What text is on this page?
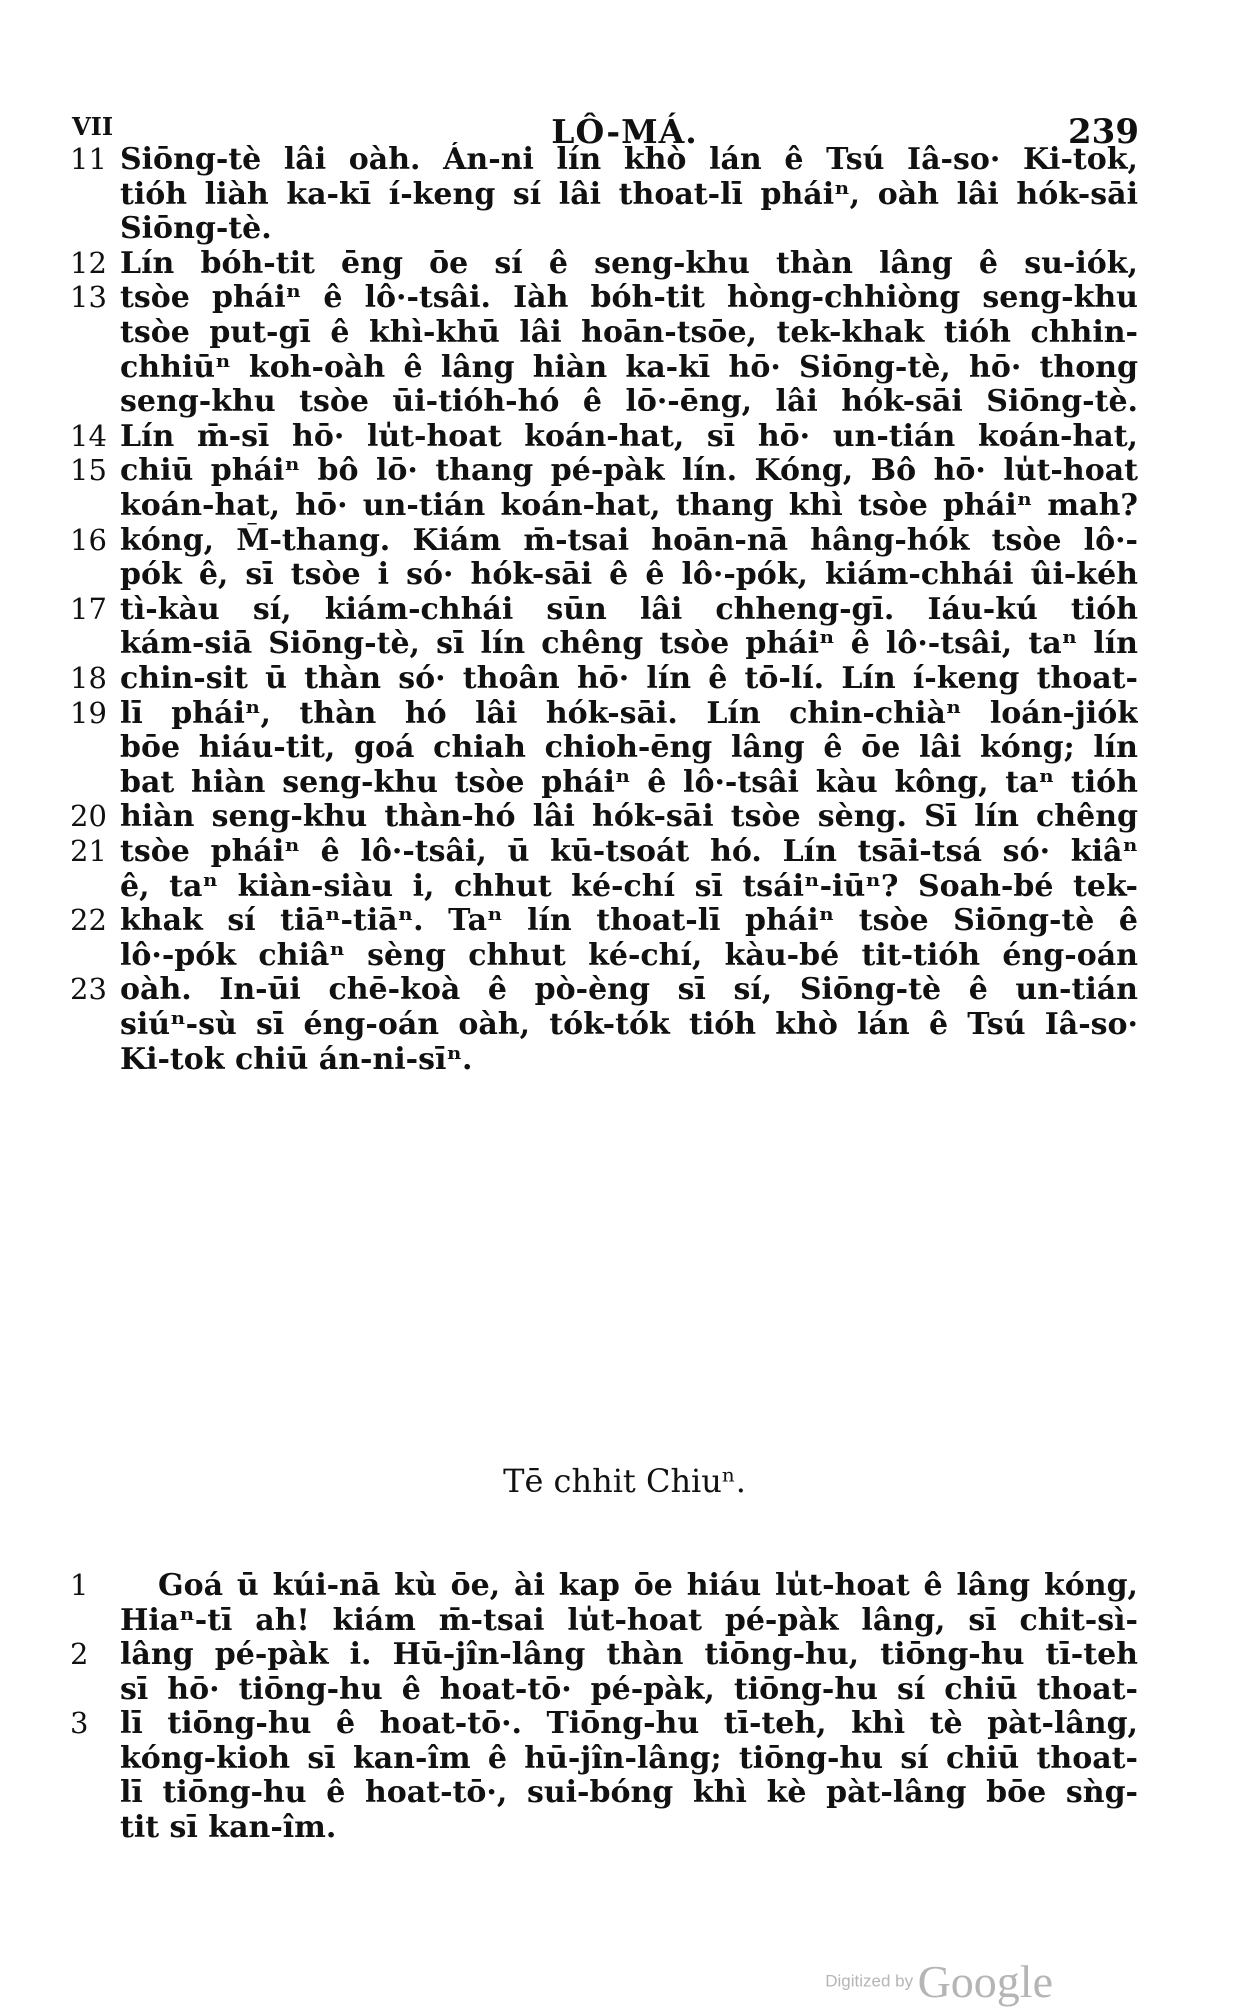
VII	LÔ-MÁ.	239
11 Siōng-tè lâi oàh. Án-ni lín khò lán ê Tsú Iâ-so· Ki-tok,
tióh liàh ka-kī í-keng sí lâi thoat-lī pháiⁿ, oàh lâi hók-sāi
Siōng-tè.
12 Lín bóh-tit ēng ōe sí ê seng-khu thàn lâng ê su-iók,
13 tsòe pháiⁿ ê lô·-tsâi. Iàh bóh-tit hòng-chhiòng seng-khu
tsòe put-gī ê khì-khū lâi hoān-tsōe, tek-khak tióh chhin-
chhiūⁿ koh-oàh ê lâng hiàn ka-kī hō· Siōng-tè, hō· thong
seng-khu tsòe ūi-tióh-hó ê lō·-ēng, lâi hók-sāi Siōng-tè.
14 Lín m̄-sī hō· lu̍t-hoat koán-hat, sī hō· un-tián koán-hat,
15 chiū pháiⁿ bô lō· thang pé-pàk lín. Kóng, Bô hō· lu̍t-hoat
koán-hat, hō· un-tián koán-hat, thang khì tsòe pháiⁿ mah?
16 kóng, M̄-thang. Kiám m̄-tsai hoān-nā hâng-hók tsòe lô·-
pók ê, sī tsòe i só· hók-sāi ê ê lô·-pók, kiám-chhái ûi-kéh
17 tì-kàu sí, kiám-chhái sūn lâi chheng-gī. Iáu-kú tióh
kám-siā Siōng-tè, sī lín chêng tsòe pháiⁿ ê lô·-tsâi, taⁿ lín
18 chin-sit ū thàn só· thoân hō· lín ê tō-lí. Lín í-keng thoat-
19 lī pháiⁿ, thàn hó lâi hók-sāi. Lín chin-chiàⁿ loán-jiók
bōe hiáu-tit, goá chiah chioh-ēng lâng ê ōe lâi kóng; lín
bat hiàn seng-khu tsòe pháiⁿ ê lô·-tsâi kàu kông, taⁿ tióh
20 hiàn seng-khu thàn-hó lâi hók-sāi tsòe sèng. Sī lín chêng
21 tsòe pháiⁿ ê lô·-tsâi, ū kū-tsoát hó. Lín tsāi-tsá só· kiâⁿ
ê, taⁿ kiàn-siàu i, chhut ké-chí sī tsáiⁿ-iūⁿ? Soah-bé tek-
22 khak sí tiāⁿ-tiāⁿ. Taⁿ lín thoat-lī pháiⁿ tsòe Siōng-tè ê
lô·-pók chiâⁿ sèng chhut ké-chí, kàu-bé tit-tióh éng-oán
23 oàh. In-ūi chē-koà ê pò-èng sī sí, Siōng-tè ê un-tián
siúⁿ-sù sī éng-oán oàh, tók-tók tióh khò lán ê Tsú Iâ-so·
Ki-tok chiū án-ni-sīⁿ.
Tē chhit Chiuⁿ.
1	Goá ū kúi-nā kù ōe, ài kap ōe hiáu lu̍t-hoat ê lâng kóng,
Hiaⁿ-tī ah! kiám m̄-tsai lu̍t-hoat pé-pàk lâng, sī chit-sì-
2	lâng pé-pàk i. Hū-jîn-lâng thàn tiōng-hu, tiōng-hu tī-teh
sī hō· tiōng-hu ê hoat-tō· pé-pàk, tiōng-hu sí chiū thoat-
3	lī tiōng-hu ê hoat-tō·. Tiōng-hu tī-teh, khì tè pàt-lâng,
kóng-kioh sī kan-îm ê hū-jîn-lâng; tiōng-hu sí chiū thoat-
lī tiōng-hu ê hoat-tō·, sui-bóng khì kè pàt-lâng bōe sǹg-
tit sī kan-îm.
Digitized by Google
